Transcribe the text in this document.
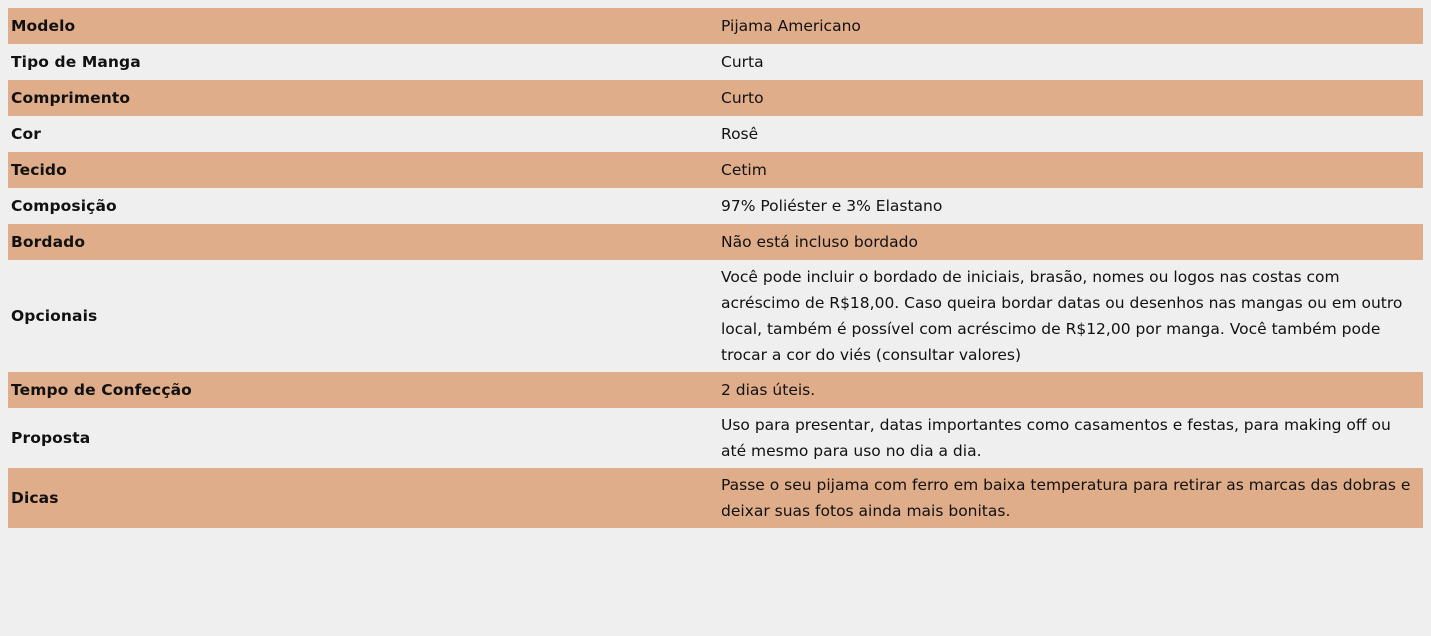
Modelo	Pijama Americano
Tipo de Manga	Curta
Comprimento	Curto
Cor	Rosê
Tecido	Cetim
Composição	97% Poliéster e 3% Elastano
Bordado	Não está incluso bordado
Opcionais	Você pode incluir o bordado de iniciais, brasão, nomes ou logos nas costas com acréscimo de R$18,00. Caso queira bordar datas ou desenhos nas mangas ou em outro local, também é possível com acréscimo de R$12,00 por manga. Você também pode trocar a cor do viés (consultar valores)
Tempo de Confecção	2 dias úteis.
Proposta	Uso para presentar, datas importantes como casamentos e festas, para making off ou até mesmo para uso no dia a dia.
Dicas	Passe o seu pijama com ferro em baixa temperatura para retirar as marcas das dobras e deixar suas fotos ainda mais bonitas.
